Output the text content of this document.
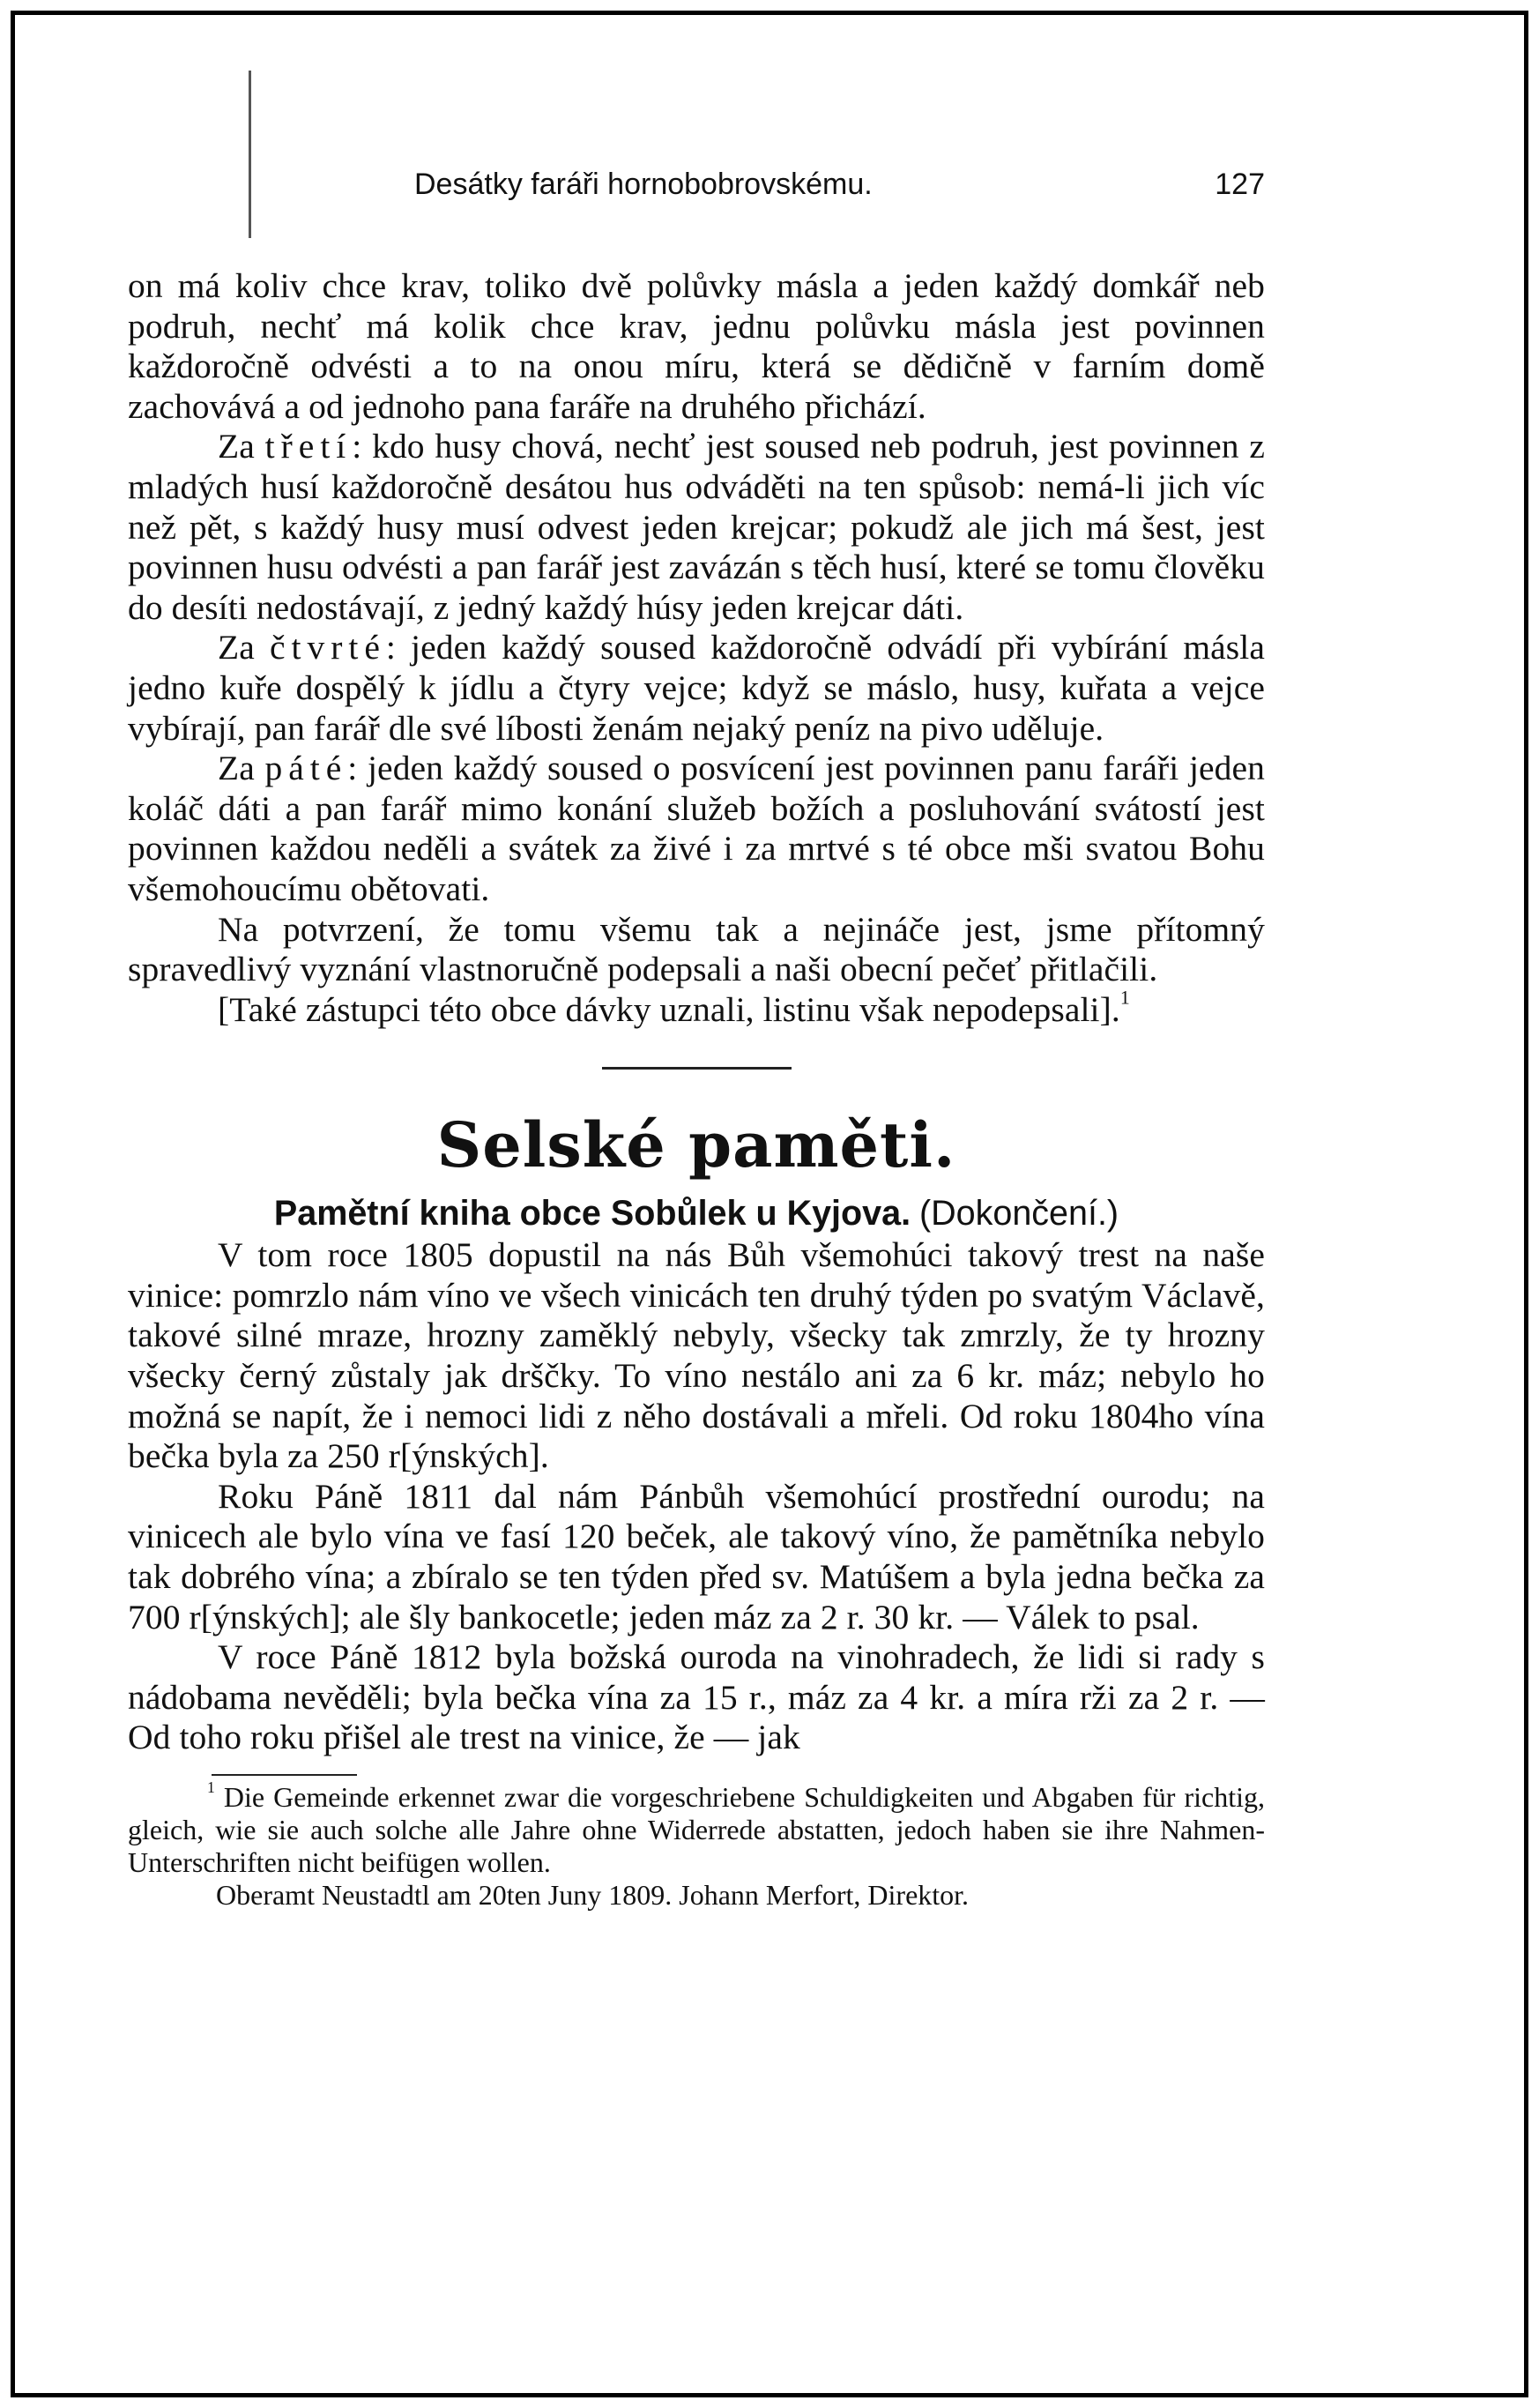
Desátky faráři hornobobrovskému.	127

on má koliv chce krav, toliko dvě polůvky másla a jeden každý domkář neb podruh, nechť má kolik chce krav, jednu polůvku másla jest povinnen každoročně odvésti a to na onou míru, která se dědičně v farním domě zachovává a od jednoho pana faráře na druhého přichází.

Za třetí: kdo husy chová, nechť jest soused neb podruh, jest povinnen z mladých husí každoročně desátou hus odváděti na ten spůsob: nemá-li jich víc než pět, s každý husy musí odvest jeden krejcar; pokudž ale jich má šest, jest povinnen husu odvésti a pan farář jest zavázán s těch husí, které se tomu člověku do desíti nedostávají, z jedný každý húsy jeden krejcar dáti.

Za čtvrté: jeden každý soused každoročně odvádí při vybírání másla jedno kuře dospělý k jídlu a čtyry vejce; když se máslo, husy, kuřata a vejce vybírají, pan farář dle své líbosti ženám nejaký peníz na pivo uděluje.

Za páté: jeden každý soused o posvícení jest povinnen panu faráři jeden koláč dáti a pan farář mimo konání služeb božích a posluhování svátostí jest povinnen každou neděli a svátek za živé i za mrtvé s té obce mši svatou Bohu všemohoucímu obětovati.

Na potvrzení, že tomu všemu tak a nejináče jest, jsme přítomný spravedlivý vyznání vlastnoručně podepsali a naši obecní pečeť přitlačili.

[Také zástupci této obce dávky uznali, listinu však nepodepsali].$^1$

Selské paměti.
Pamětní kniha obce Sobůlek u Kyjova. (Dokončení.)

V tom roce 1805 dopustil na nás Bůh všemohúci takový trest na naše vinice: pomrzlo nám víno ve všech vinicách ten druhý týden po svatým Václavě, takové silné mraze, hrozny zaměklý nebyly, všecky tak zmrzly, že ty hrozny všecky černý zůstaly jak drščky. To víno nestálo ani za 6 kr. máz; nebylo ho možná se napít, že i nemoci lidi z něho dostávali a mřeli. Od roku 1804ho vína bečka byla za 250 r[ýnských].

Roku Páně 1811 dal nám Pánbůh všemohúcí prostřední ourodu; na vinicech ale bylo vína ve fasí 120 beček, ale takový víno, že pamětníka nebylo tak dobrého vína; a zbíralo se ten týden před sv. Matúšem a byla jedna bečka za 700 r[ýnských]; ale šly bankocetle; jeden máz za 2 r. 30 kr. — Válek to psal.

V roce Páně 1812 byla božská ouroda na vinohradech, že lidi si rady s nádobama nevěděli; byla bečka vína za 15 r., máz za 4 kr. a míra rži za 2 r. — Od toho roku přišel ale trest na vinice, že — jak

$^1$ Die Gemeinde erkennet zwar die vorgeschriebene Schuldigkeiten und Abgaben für richtig, gleich, wie sie auch solche alle Jahre ohne Widerrede abstatten, jedoch haben sie ihre Nahmen-Unterschriften nicht beifügen wollen.

Oberamt Neustadtl am 20ten Juny 1809. Johann Merfort, Direktor.
